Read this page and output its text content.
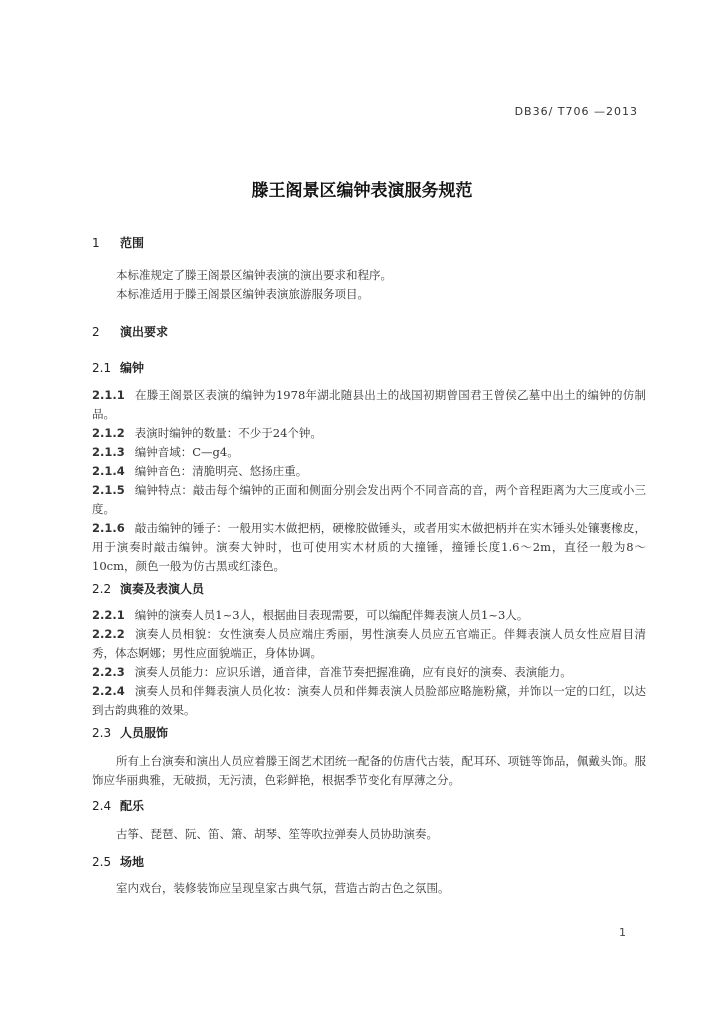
DB36/ T706 —2013
滕王阁景区编钟表演服务规范
1 范围
本标准规定了滕王阁景区编钟表演的演出要求和程序。
本标准适用于滕王阁景区编钟表演旅游服务项目。
2 演出要求
2.1 编钟
2.1.1 在滕王阁景区表演的编钟为1978年湖北随县出土的战国初期曾国君王曾侯乙墓中出土的编钟的仿制品。
2.1.2 表演时编钟的数量：不少于24个钟。
2.1.3 编钟音域：C—g4。
2.1.4 编钟音色：清脆明亮、悠扬庄重。
2.1.5 编钟特点：敲击每个编钟的正面和侧面分别会发出两个不同音高的音，两个音程距离为大三度或小三度。
2.1.6 敲击编钟的锤子：一般用实木做把柄，硬橡胶做锤头，或者用实木做把柄并在实木锤头处镶裹橡皮，用于演奏时敲击编钟。演奏大钟时，也可使用实木材质的大撞锤，撞锤长度1.6～2m，直径一般为8～10cm，颜色一般为仿古黑或红漆色。
2.2 演奏及表演人员
2.2.1 编钟的演奏人员1~3人，根据曲目表现需要，可以编配伴舞表演人员1~3人。
2.2.2 演奏人员相貌：女性演奏人员应端庄秀丽，男性演奏人员应五官端正。伴舞表演人员女性应眉目清秀，体态婀娜；男性应面貌端正，身体协调。
2.2.3 演奏人员能力：应识乐谱，通音律，音准节奏把握准确，应有良好的演奏、表演能力。
2.2.4 演奏人员和伴舞表演人员化妆：演奏人员和伴舞表演人员脸部应略施粉黛，并饰以一定的口红，以达到古韵典雅的效果。
2.3 人员服饰
所有上台演奏和演出人员应着滕王阁艺术团统一配备的仿唐代古装，配耳环、项链等饰品，佩戴头饰。服饰应华丽典雅，无破损，无污渍，色彩鲜艳，根据季节变化有厚薄之分。
2.4 配乐
古筝、琵琶、阮、笛、箫、胡琴、笙等吹拉弹奏人员协助演奏。
2.5 场地
室内戏台，装修装饰应呈现皇家古典气氛，营造古韵古色之氛围。
1
